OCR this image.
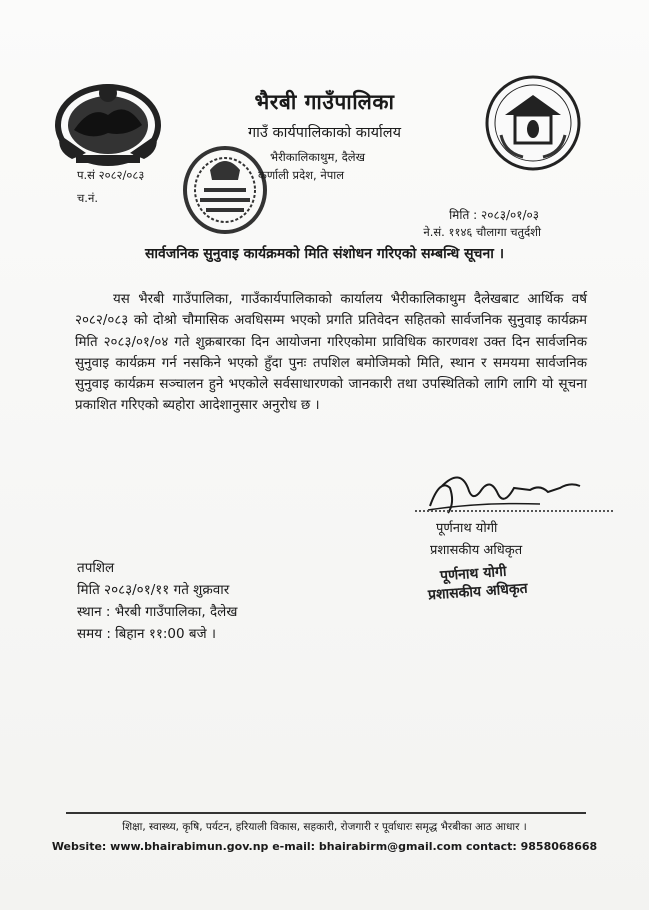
भैरबी गाउँपालिका
गाउँ कार्यपालिकाको कार्यालय
भैरीकालिकाथुम, दैलेख
कर्णाली प्रदेश, नेपाल
प.सं २०८२/०८३
च.नं.
मिति : २०८३/०१/०३
ने.सं. ११४६ चौलागा चतुर्दशी
सार्वजनिक सुनुवाइ कार्यक्रमको मिति संशोधन गरिएको सम्बन्धि सूचना ।
यस भैरबी गाउँपालिका, गाउँकार्यपालिकाको कार्यालय भैरीकालिकाथुम दैलेखबाट आर्थिक वर्ष २०८२/०८३ को दोश्रो चौमासिक अवधिसम्म भएको प्रगति प्रतिवेदन सहितको सार्वजनिक सुनुवाइ कार्यक्रम मिति २०८३/०१/०४ गते शुक्रबारका दिन आयोजना गरिएकोमा प्राविधिक कारणवश उक्त दिन सार्वजनिक सुनुवाइ कार्यक्रम गर्न नसकिने भएको हुँदा पुनः तपशिल बमोजिमको मिति, स्थान र समयमा सार्वजनिक सुनुवाइ कार्यक्रम सञ्चालन हुने भएकोले सर्वसाधारणको जानकारी तथा उपस्थितिको लागि लागि यो सूचना प्रकाशित गरिएको ब्यहोरा आदेशानुसार अनुरोध छ ।
पूर्णनाथ योगी
प्रशासकीय अधिकृत
पूर्णनाथ योगी
प्रशासकीय अधिकृत
तपशिल
मिति २०८३/०१/११ गते शुक्रवार
स्थान : भैरबी गाउँपालिका, दैलेख
समय : बिहान ११:00 बजे ।
शिक्षा, स्वास्थ्य, कृषि, पर्यटन, हरियाली विकास, सहकारी, रोजगारी र पूर्वाधारः समृद्ध भैरबीका आठ आधार ।
Website: www.bhairabimun.gov.np e-mail: bhairabirm@gmail.com contact: 9858068668
